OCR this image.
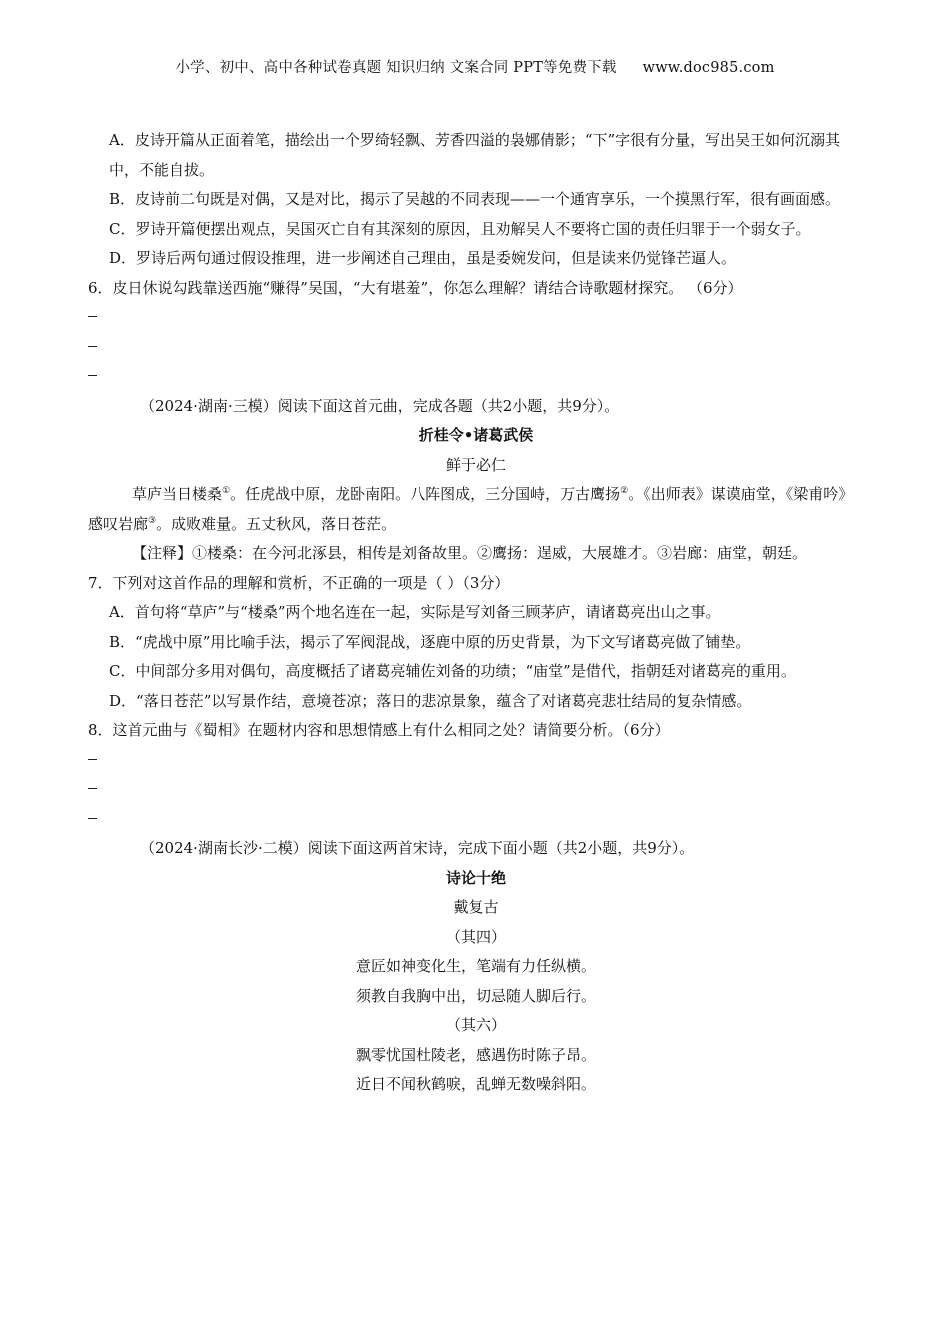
小学、初中、高中各种试卷真题 知识归纳 文案合同 PPT等免费下载 www.doc985.com

A．皮诗开篇从正面着笔，描绘出一个罗绮轻飘、芳香四溢的袅娜倩影；“下”字很有分量，写出吴王如何沉溺其中，不能自拔。

B．皮诗前二句既是对偶，又是对比，揭示了吴越的不同表现——一个通宵享乐，一个摸黑行军，很有画面感。

C．罗诗开篇便摆出观点，吴国灭亡自有其深刻的原因，且劝解吴人不要将亡国的责任归罪于一个弱女子。

D．罗诗后两句通过假设推理，进一步阐述自己理由，虽是委婉发问，但是读来仍觉锋芒逼人。

6．皮日休说勾践靠送西施“赚得”吴国，“大有堪羞”，你怎么理解？请结合诗歌题材探究。 （6分）

（2024·湖南·三模）阅读下面这首元曲，完成各题（共2小题，共9分）。

折桂令•诸葛武侯

鲜于必仁

草庐当日楼桑①。任虎战中原，龙卧南阳。八阵图成，三分国峙，万古鹰扬②。《出师表》谋谟庙堂，《梁甫吟》感叹岩廊③。成败难量。五丈秋风，落日苍茫。

【注释】①楼桑：在今河北涿县，相传是刘备故里。②鹰扬：逞威，大展雄才。③岩廊：庙堂，朝廷。

7．下列对这首作品的理解和赏析，不正确的一项是（ ）（3分）

A．首句将“草庐”与“楼桑”两个地名连在一起，实际是写刘备三顾茅庐，请诸葛亮出山之事。

B．“虎战中原”用比喻手法，揭示了军阀混战，逐鹿中原的历史背景，为下文写诸葛亮做了铺垫。

C．中间部分多用对偶句，高度概括了诸葛亮辅佐刘备的功绩；“庙堂”是借代，指朝廷对诸葛亮的重用。

D．“落日苍茫”以写景作结，意境苍凉；落日的悲凉景象，蕴含了对诸葛亮悲壮结局的复杂情感。

8．这首元曲与《蜀相》在题材内容和思想情感上有什么相同之处？请简要分析。（6分）

（2024·湖南长沙·二模）阅读下面这两首宋诗，完成下面小题（共2小题，共9分）。

诗论十绝

戴复古

（其四）

意匠如神变化生，笔端有力任纵横。

须教自我胸中出，切忌随人脚后行。

（其六）

飘零忧国杜陵老，感遇伤时陈子昂。

近日不闻秋鹤唳，乱蝉无数噪斜阳。
